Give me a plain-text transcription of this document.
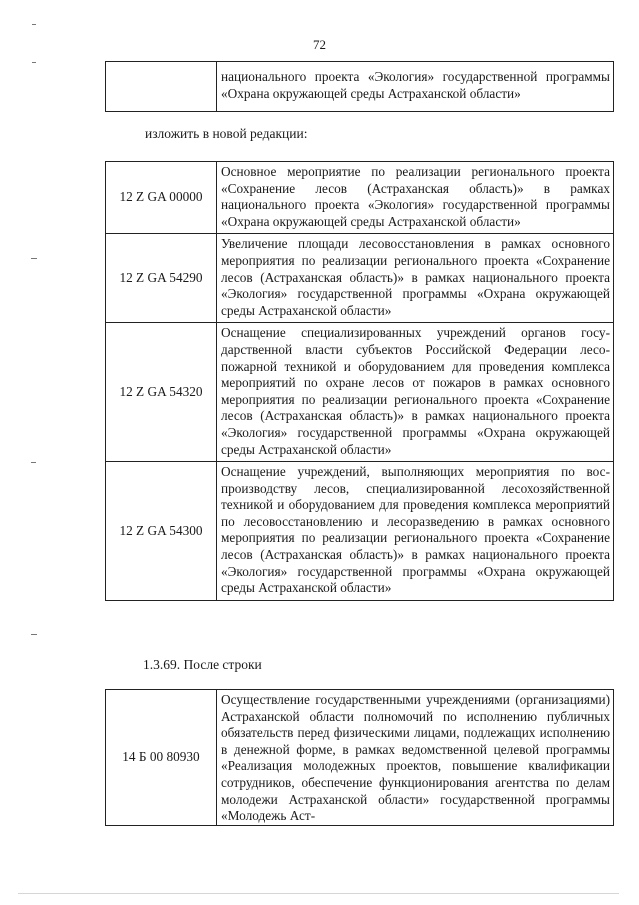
72
	национального проекта «Экология» государственной программы «Охрана окружающей среды Астраханской области»
изложить в новой редакции:
12 Z GA 00000	Основное мероприятие по реализации регионального проекта «Сохранение лесов (Астраханская область)» в рамках национального проекта «Экология» государственной программы «Охрана окружающей среды Астраханской области»
12 Z GA 54290	Увеличение площади лесовосстановления в рамках основного мероприятия по реализации регионального проекта «Сохранение лесов (Астраханская область)» в рамках национального проекта «Экология» государственной программы «Охрана окружающей среды Астраханской области»
12 Z GA 54320	Оснащение специализированных учреждений органов государственной власти субъектов Российской Федерации лесопожарной техникой и оборудованием для проведения комплекса мероприятий по охране лесов от пожаров в рамках основного мероприятия по реализации регионального проекта «Сохранение лесов (Астраханская область)» в рамках национального проекта «Экология» государственной программы «Охрана окружающей среды Астраханской области»
12 Z GA 54300	Оснащение учреждений, выполняющих мероприятия по воспроизводству лесов, специализированной лесохозяйственной техникой и оборудованием для проведения комплекса мероприятий по лесовосстановлению и лесоразведению в рамках основного мероприятия по реализации регионального проекта «Сохранение лесов (Астраханская область)» в рамках национального проекта «Экология» государственной программы «Охрана окружающей среды Астраханской области»
1.3.69. После строки
14 Б 00 80930	Осуществление государственными учреждениями (организациями) Астраханской области полномочий по исполнению публичных обязательств перед физическими лицами, подлежащих исполнению в денежной форме, в рамках ведомственной целевой программы «Реализация молодежных проектов, повышение квалификации сотрудников, обеспечение функционирования агентства по делам молодежи Астраханской области» государственной программы «Молодежь Аст-
